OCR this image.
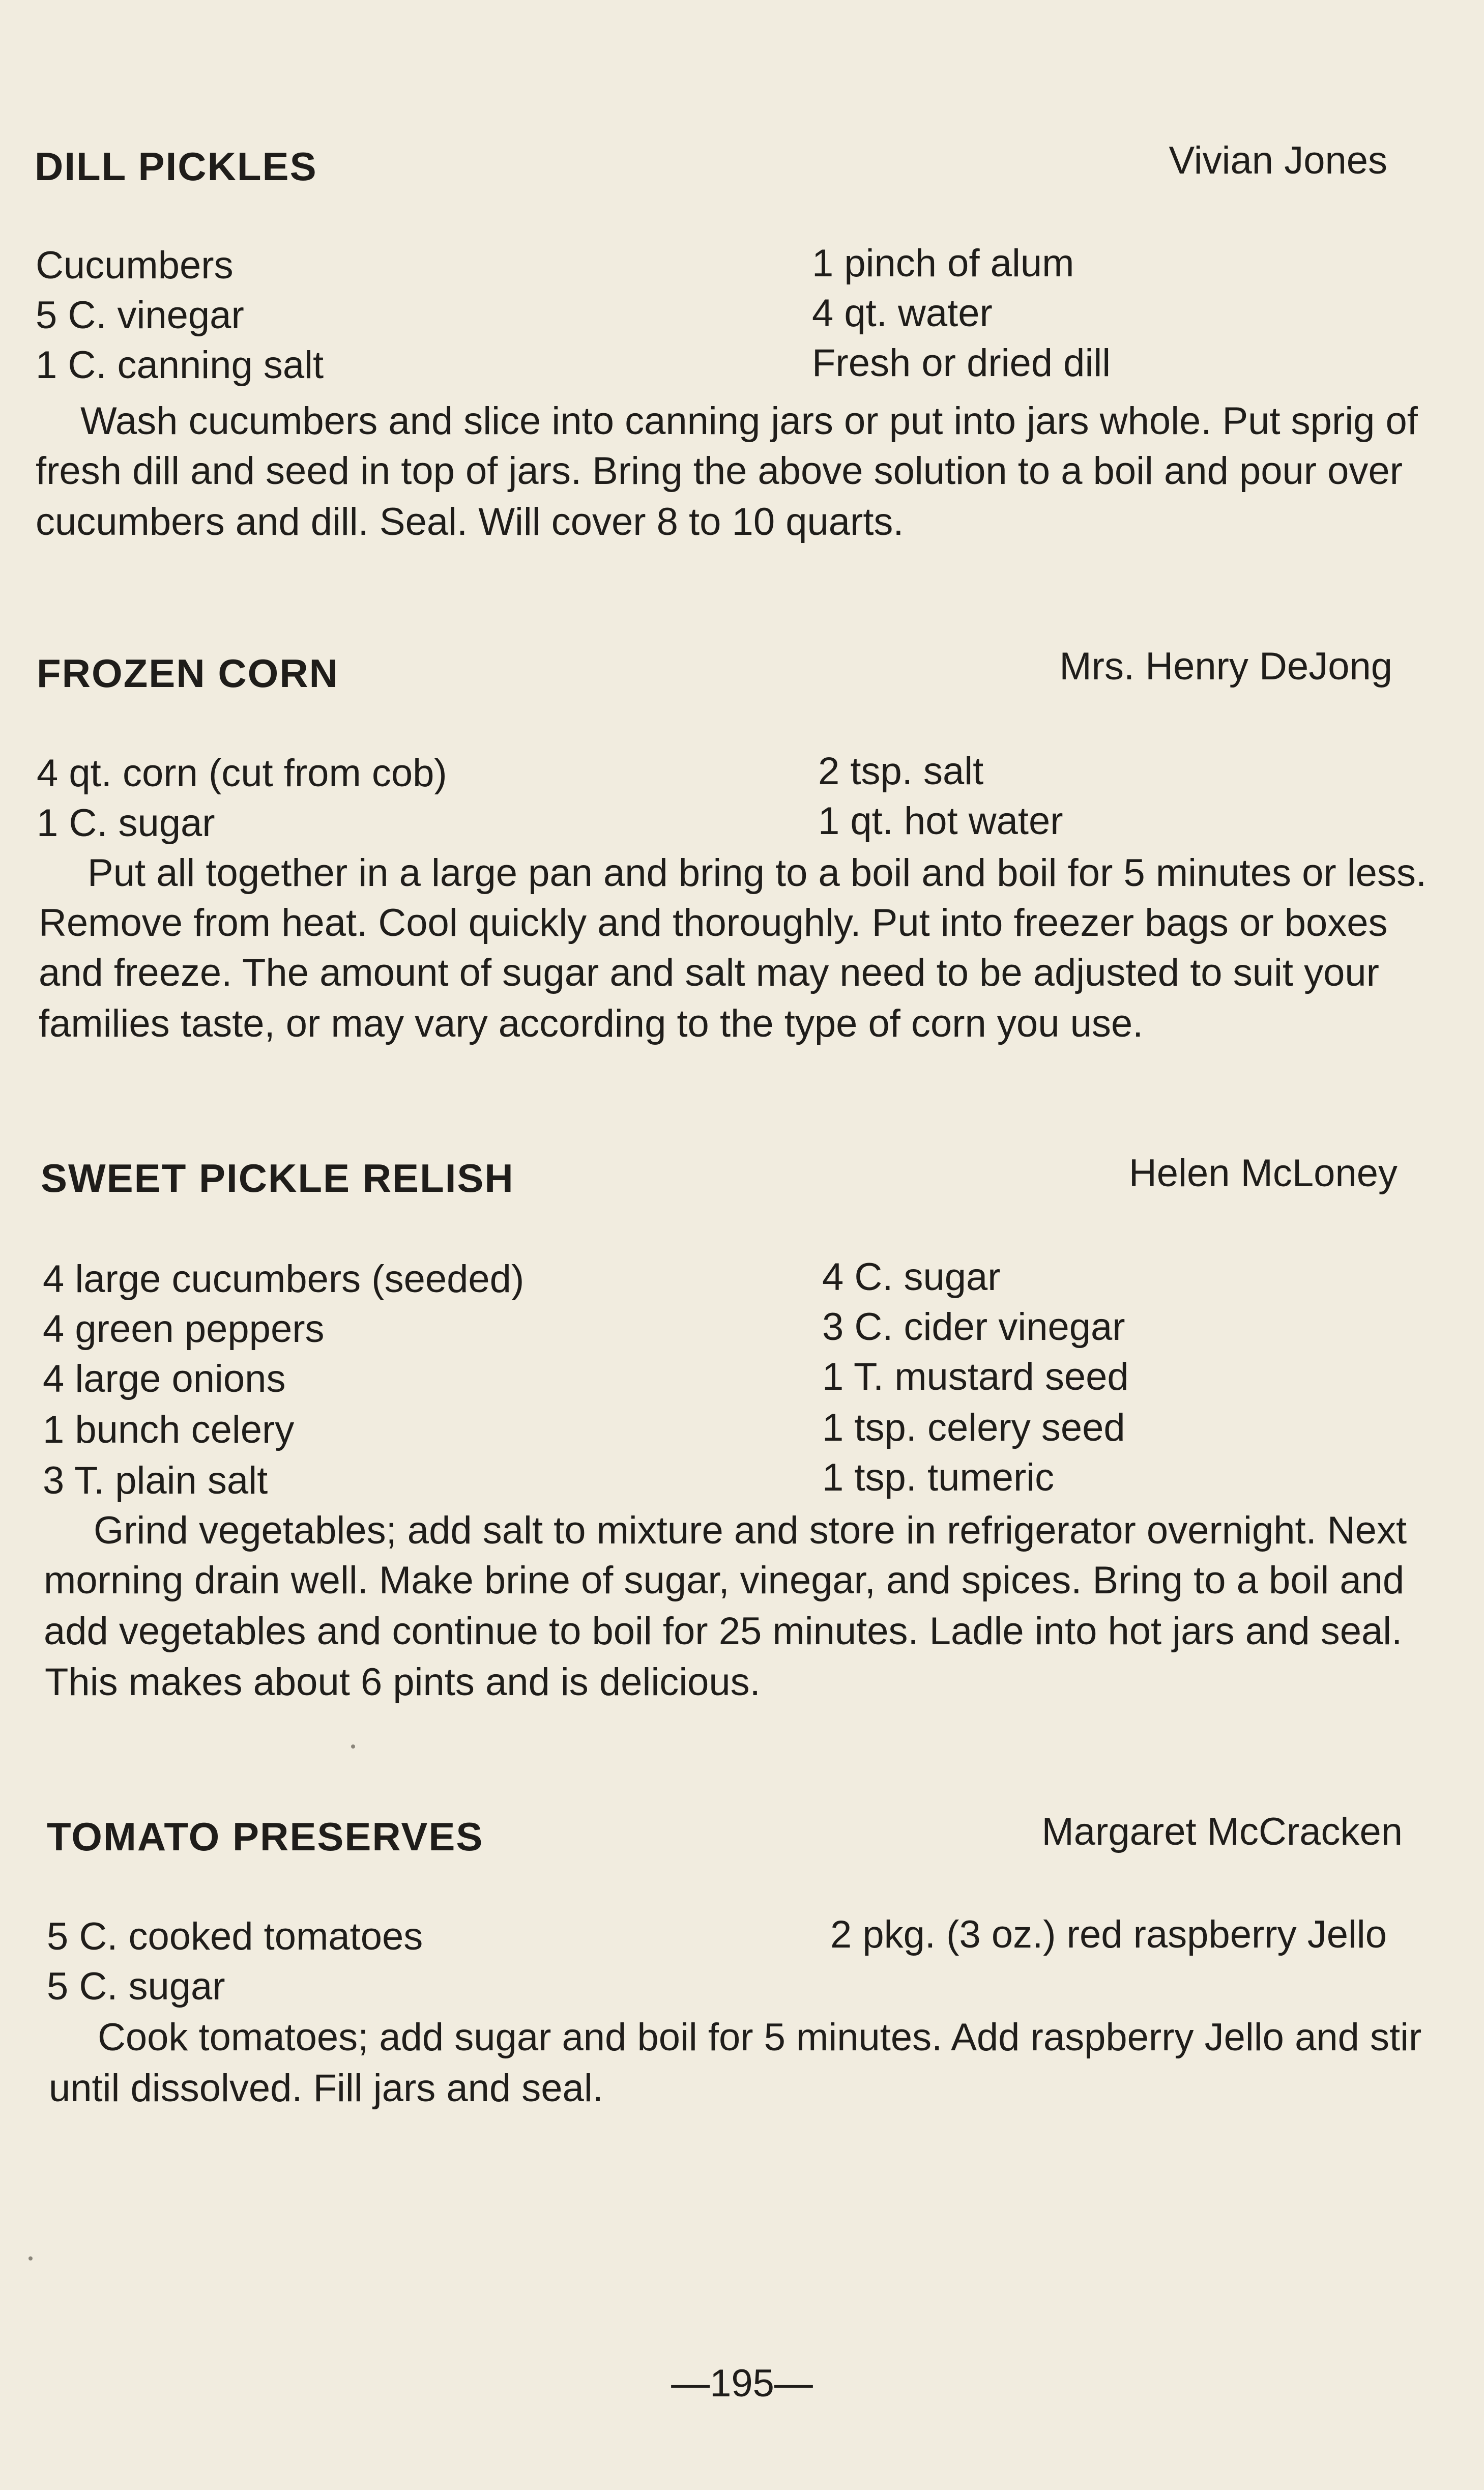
DILL PICKLES	Vivian Jones
Cucumbers
5 C. vinegar
1 C. canning salt
1 pinch of alum
4 qt. water
Fresh or dried dill
Wash cucumbers and slice into canning jars or put into jars whole. Put sprig of
fresh dill and seed in top of jars. Bring the above solution to a boil and pour over
cucumbers and dill. Seal. Will cover 8 to 10 quarts.
FROZEN CORN	Mrs. Henry DeJong
4 qt. corn (cut from cob)
1 C. sugar
2 tsp. salt
1 qt. hot water
Put all together in a large pan and bring to a boil and boil for 5 minutes or less.
Remove from heat. Cool quickly and thoroughly. Put into freezer bags or boxes
and freeze. The amount of sugar and salt may need to be adjusted to suit your
families taste, or may vary according to the type of corn you use.
SWEET PICKLE RELISH	Helen McLoney
4 large cucumbers (seeded)
4 green peppers
4 large onions
1 bunch celery
3 T. plain salt
4 C. sugar
3 C. cider vinegar
1 T. mustard seed
1 tsp. celery seed
1 tsp. tumeric
Grind vegetables; add salt to mixture and store in refrigerator overnight. Next
morning drain well. Make brine of sugar, vinegar, and spices. Bring to a boil and
add vegetables and continue to boil for 25 minutes. Ladle into hot jars and seal.
This makes about 6 pints and is delicious.
TOMATO PRESERVES	Margaret McCracken
5 C. cooked tomatoes
5 C. sugar
2 pkg. (3 oz.) red raspberry Jello
Cook tomatoes; add sugar and boil for 5 minutes. Add raspberry Jello and stir
until dissolved. Fill jars and seal.
—195—
